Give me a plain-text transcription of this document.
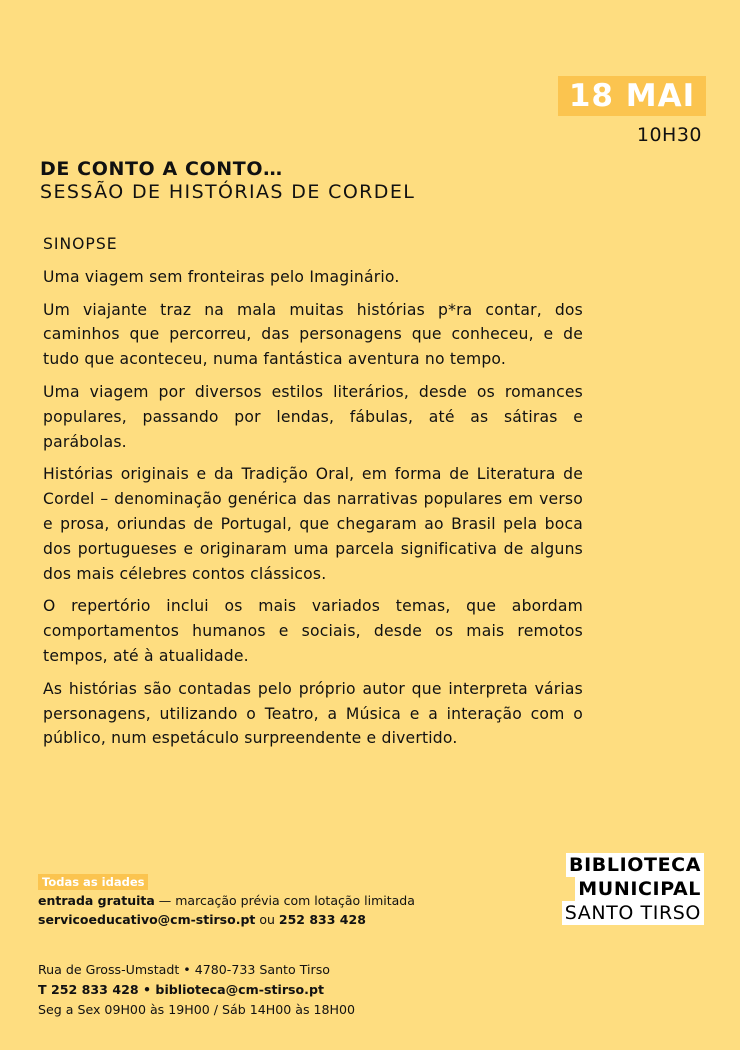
18 MAI
10H30
DE CONTO A CONTO…
SESSÃO DE HISTÓRIAS DE CORDEL
SINOPSE

Uma viagem sem fronteiras pelo Imaginário.

Um viajante traz na mala muitas histórias p*ra contar, dos caminhos que percorreu, das personagens que conheceu, e de tudo que aconteceu, numa fantástica aventura no tempo.

Uma viagem por diversos estilos literários, desde os romances populares, passando por lendas, fábulas, até as sátiras e parábolas.

Histórias originais e da Tradição Oral, em forma de Literatura de Cordel – denominação genérica das narrativas populares em verso e prosa, oriundas de Portugal, que chegaram ao Brasil pela boca dos portugueses e originaram uma parcela significativa de alguns dos mais célebres contos clássicos.

O repertório inclui os mais variados temas, que abordam comportamentos humanos e sociais, desde os mais remotos tempos, até à atualidade.

As histórias são contadas pelo próprio autor que interpreta várias personagens, utilizando o Teatro, a Música e a interação com o público, num espetáculo surpreendente e divertido.

Todas as idades
entrada gratuita — marcação prévia com lotação limitada
servicoeducativo@cm-stirso.pt ou 252 833 428
BIBLIOTECA
MUNICIPAL
SANTO TIRSO
Rua de Gross-Umstadt • 4780-733 Santo Tirso
T 252 833 428 • biblioteca@cm-stirso.pt
Seg a Sex 09H00 às 19H00 / Sáb 14H00 às 18H00
